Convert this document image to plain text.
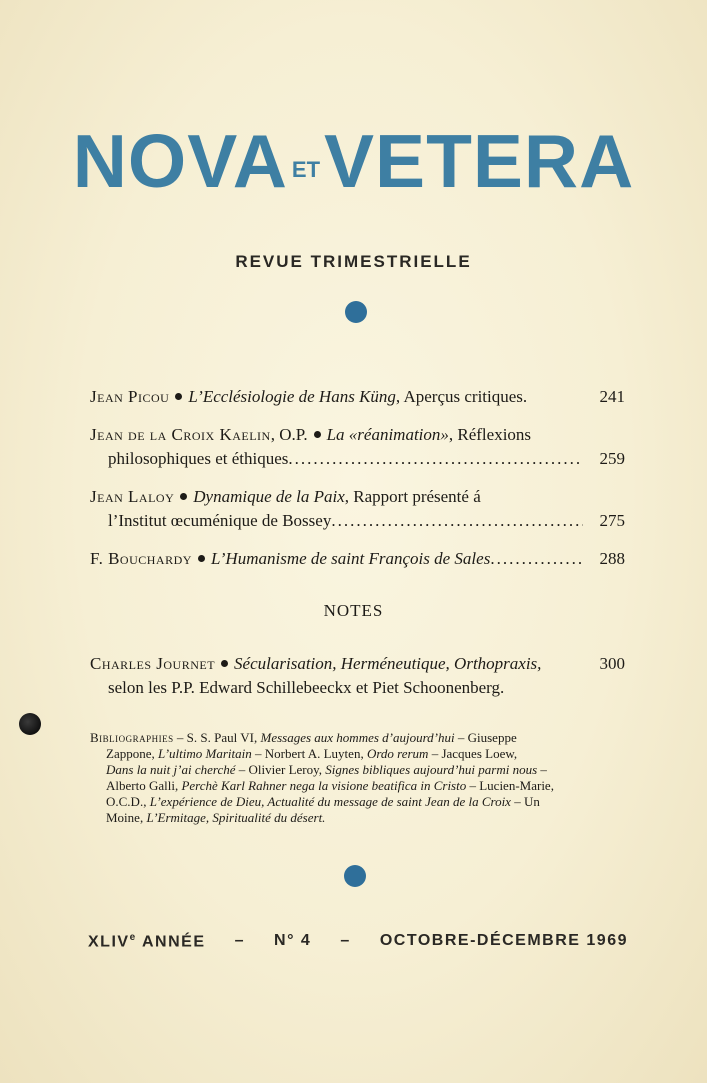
NOVA ETVETERA
REVUE TRIMESTRIELLE
Jean Picou L’Ecclésiologie de Hans Küng, Aperçus critiques.	241
Jean de la Croix Kaelin, O.P. La «réanimation», Réflexions
philosophiques et éthiques .....	259
Jean Laloy Dynamique de la Paix, Rapport présenté á
l’Institut œcuménique de Bossey .....	275
F. Bouchardy L’Humanisme de saint François de Sales .....	288
NOTES
Charles Journet Sécularisation, Herméneutique, Orthopraxis,	300
selon les P.P. Edward Schillebeeckx et Piet Schoonenberg.
Bibliographies – S. S. Paul VI, Messages aux hommes d’aujourd’hui – Giuseppe
Zappone, L’ultimo Maritain – Norbert A. Luyten, Ordo rerum – Jacques Loew,
Dans la nuit j’ai cherché – Olivier Leroy, Signes bibliques aujourd’hui parmi nous –
Alberto Galli, Perchè Karl Rahner nega la visione beatifica in Cristo – Lucien-Marie,
O.C.D., L’expérience de Dieu, Actualité du message de saint Jean de la Croix – Un
Moine, L’Ermitage, Spiritualité du désert.
XLIVe ANNÉE – N° 4 – OCTOBRE-DÉCEMBRE 1969
